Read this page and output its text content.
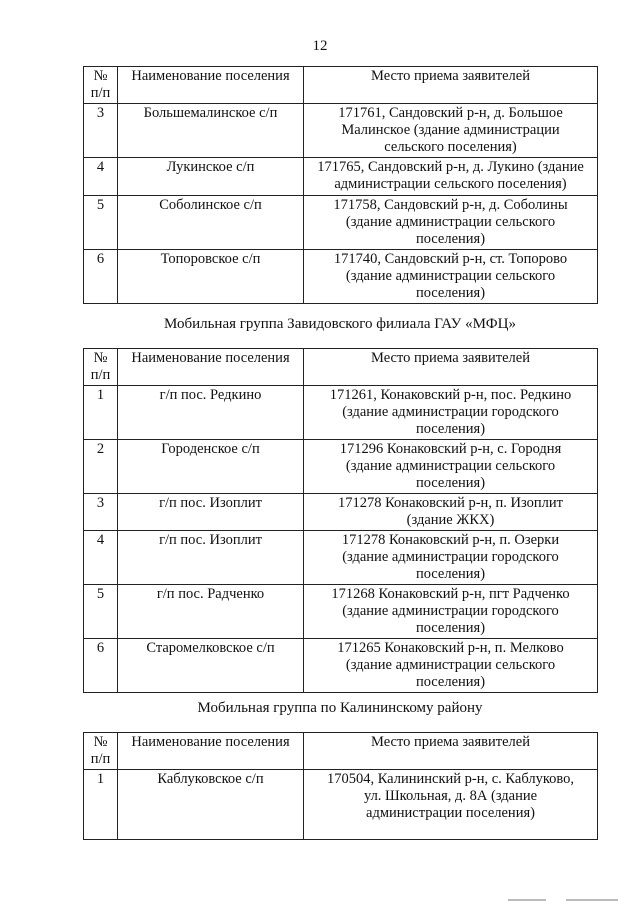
12
№ п/п	Наименование поселения	Место приема заявителей
3	Большемалинское с/п	171761, Сандовский р-н, д. Большое
Малинское (здание администрации
сельского поселения)
4	Лукинское с/п	171765, Сандовский р-н, д. Лукино (здание
администрации сельского поселения)
5	Соболинское с/п	171758, Сандовский р-н, д. Соболины
(здание администрации сельского
поселения)
6	Топоровское с/п	171740, Сандовский р-н, ст. Топорово
(здание администрации сельского
поселения)
Мобильная группа Завидовского филиала ГАУ «МФЦ»
№ п/п	Наименование поселения	Место приема заявителей
1	г/п пос. Редкино	171261, Конаковский р-н, пос. Редкино
(здание администрации городского
поселения)
2	Городенское с/п	171296 Конаковский р-н, с. Городня
(здание администрации сельского
поселения)
3	г/п пос. Изоплит	171278 Конаковский р-н, п. Изоплит
(здание ЖКХ)
4	г/п пос. Изоплит	171278 Конаковский р-н, п. Озерки
(здание администрации городского
поселения)
5	г/п пос. Радченко	171268 Конаковский р-н, пгт Радченко
(здание администрации городского
поселения)
6	Старомелковское с/п	171265 Конаковский р-н, п. Мелково
(здание администрации сельского
поселения)
Мобильная группа по Калининскому району
№ п/п	Наименование поселения	Место приема заявителей
1	Каблуковское с/п	170504, Калининский р-н, с. Каблуково,
ул. Школьная, д. 8А (здание
администрации поселения)
